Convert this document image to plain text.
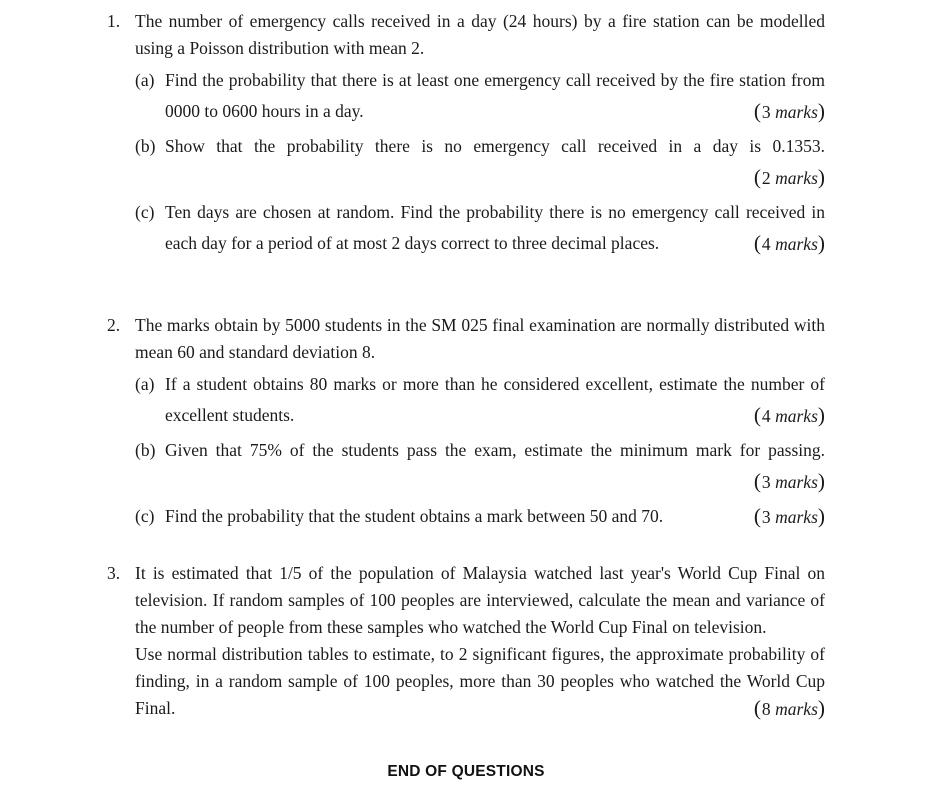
1. The number of emergency calls received in a day (24 hours) by a fire station can be modelled using a Poisson distribution with mean 2.

(a) Find the probability that there is at least one emergency call received by the fire station from 0000 to 0600 hours in a day.	(3 marks)

(b) Show that the probability there is no emergency call received in a day is 0.1353.
(2 marks)

(c) Ten days are chosen at random. Find the probability there is no emergency call received in each day for a period of at most 2 days correct to three decimal places.	(4 marks)

2. The marks obtain by 5000 students in the SM 025 final examination are normally distributed with mean 60 and standard deviation 8.

(a) If a student obtains 80 marks or more than he considered excellent, estimate the number of excellent students.	(4 marks)

(b) Given that 75% of the students pass the exam, estimate the minimum mark for passing.
(3 marks)

(c) Find the probability that the student obtains a mark between 50 and 70.	(3 marks)

3. It is estimated that 1/5 of the population of Malaysia watched last year's World Cup Final on television. If random samples of 100 peoples are interviewed, calculate the mean and variance of the number of people from these samples who watched the World Cup Final on television.

Use normal distribution tables to estimate, to 2 significant figures, the approximate probability of finding, in a random sample of 100 peoples, more than 30 peoples who watched the World Cup Final.	(8 marks)

END OF QUESTIONS
